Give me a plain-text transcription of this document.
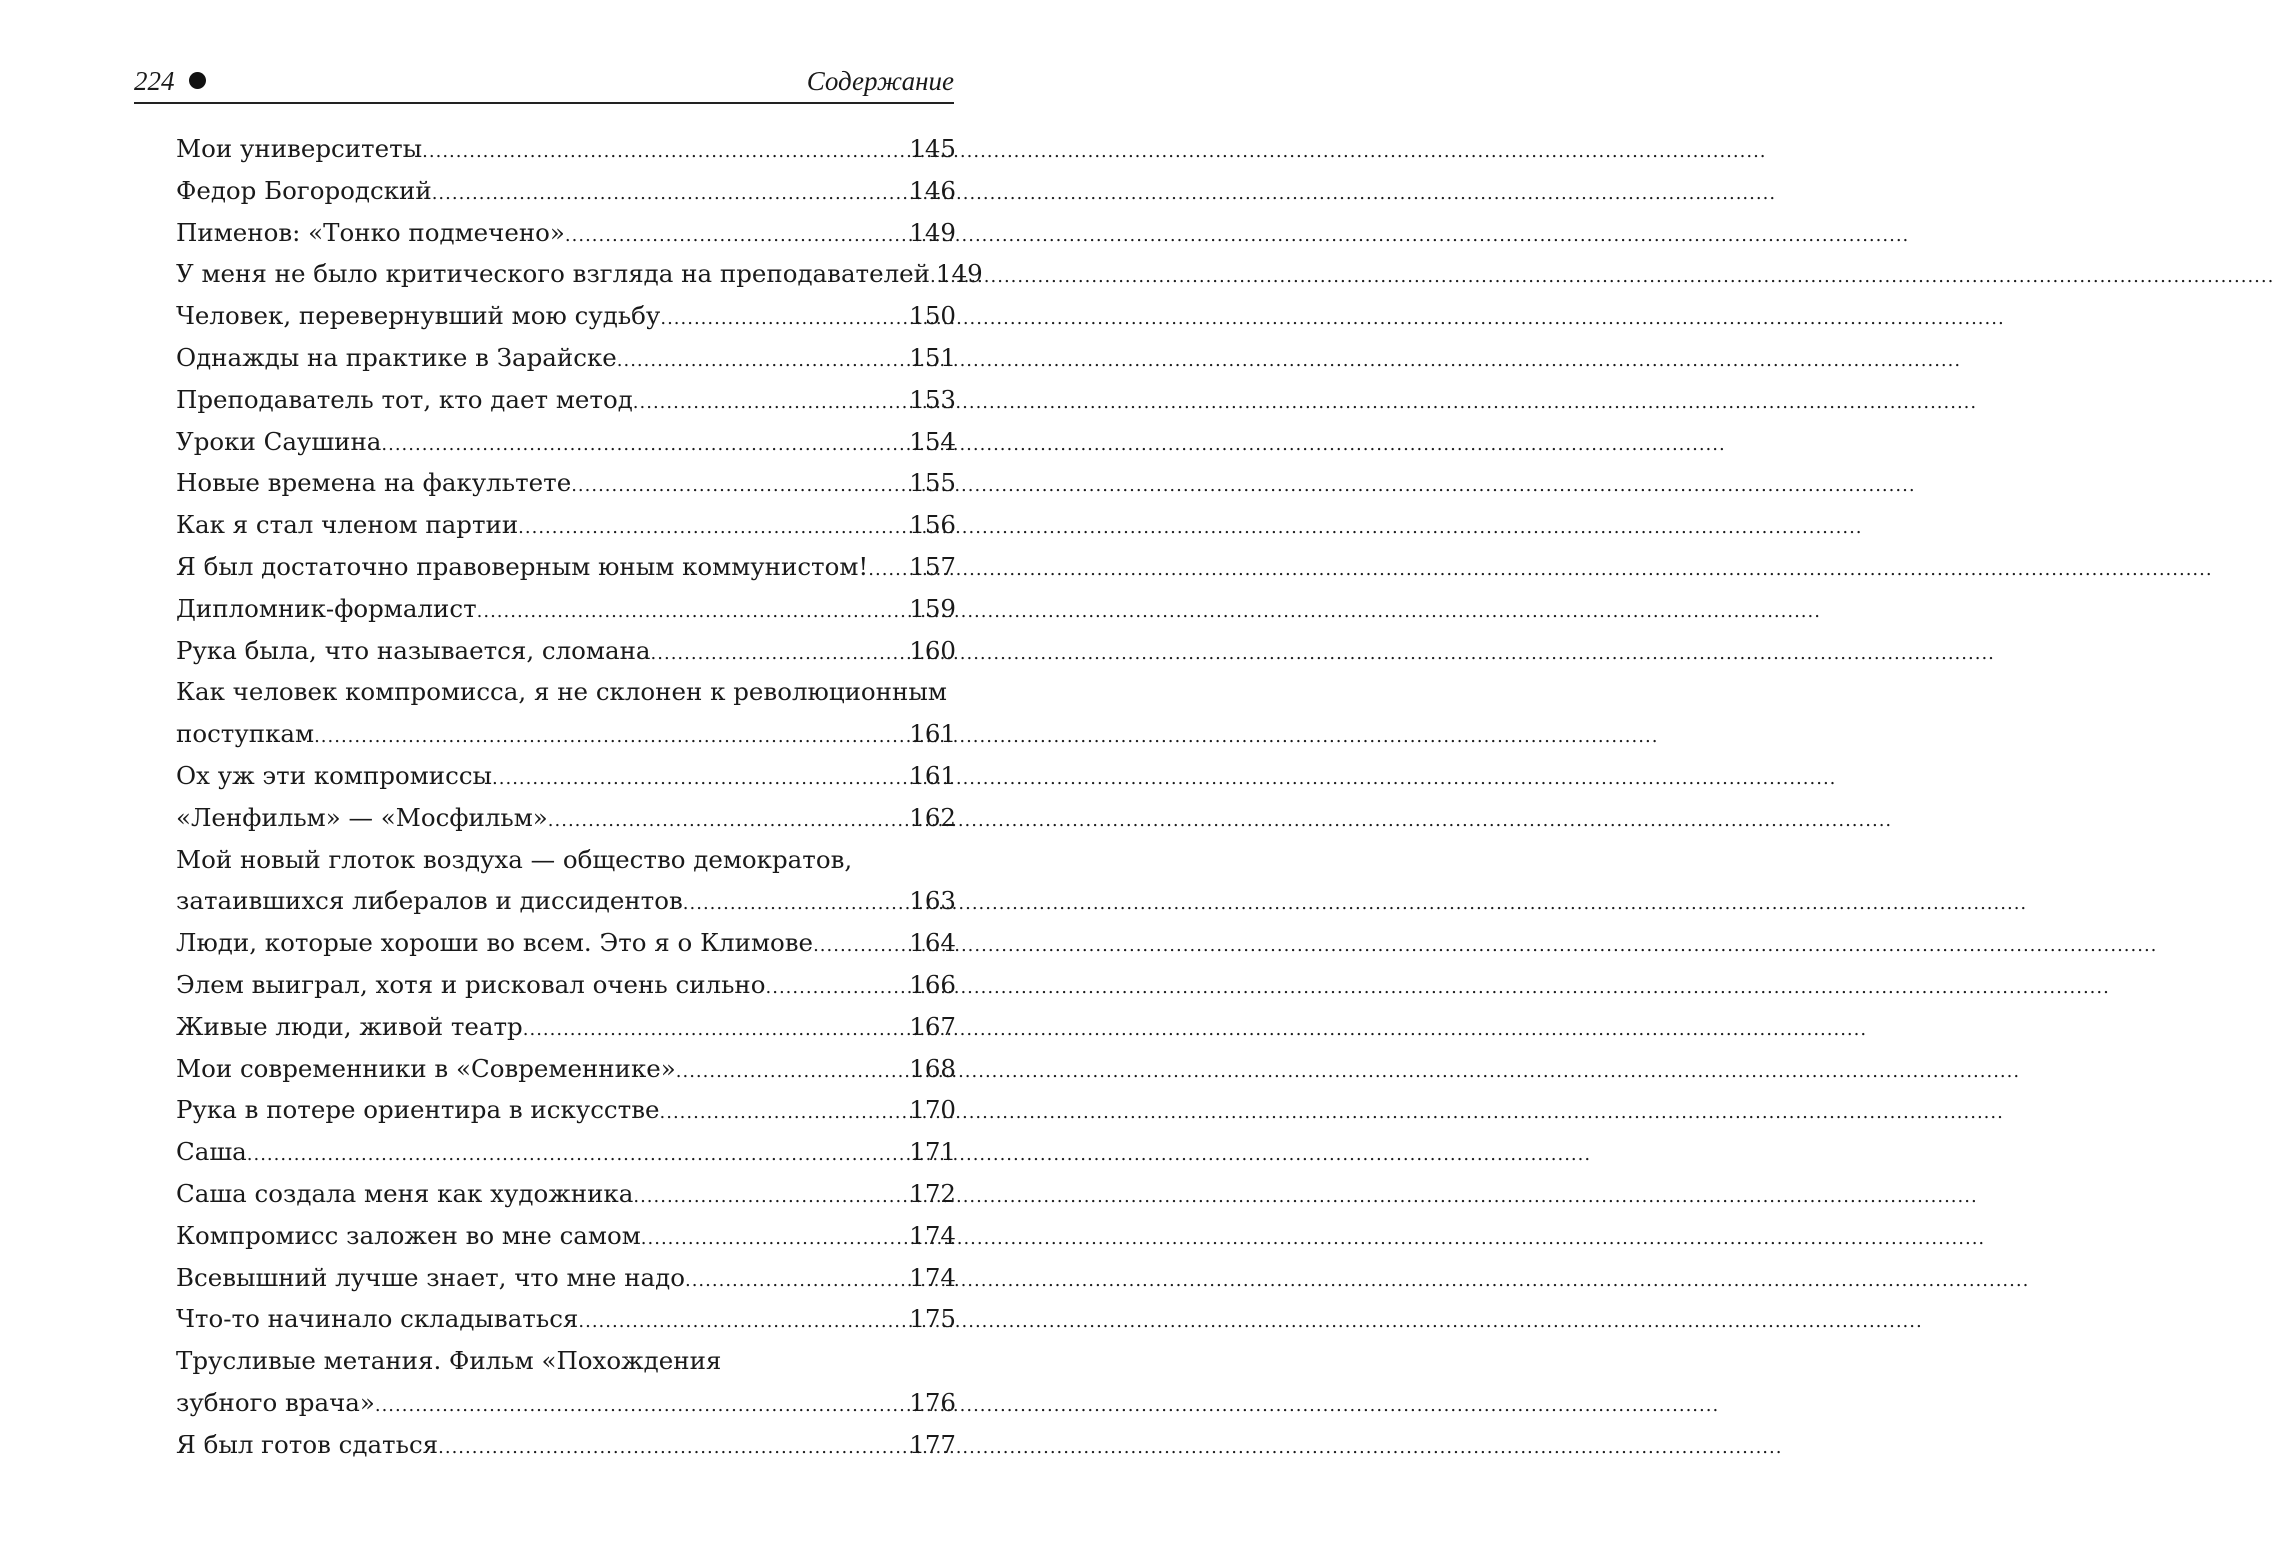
224	Содержание
Мои университеты .....	145
Федор Богородский .....	146
Пименов: «Тонко подмечено» .....	149
У меня не было критического взгляда на преподавателей ..... 149
Человек, перевернувший мою судьбу .....	150
Однажды на практике в Зарайске .....	151
Преподаватель тот, кто дает метод .....	153
Уроки Саушина .....	154
Новые времена на факультете .....	155
Как я стал членом партии .....	156
Я был достаточно правоверным юным коммунистом! ..... 157
Дипломник-формалист .....	159
Рука была, что называется, сломана .....	160
Как человек компромисса, я не склонен к революционным
поступкам .....	161
Ох уж эти компромиссы .....	161
«Ленфильм» — «Мосфильм» .....	162
Мой новый глоток воздуха — общество демократов,
затаившихся либералов и диссидентов .....	163
Люди, которые хороши во всем. Это я о Климове .....	164
Элем выиграл, хотя и рисковал очень сильно .....	166
Живые люди, живой театр .....	167
Мои современники в «Современнике» .....	168
Рука в потере ориентира в искусстве .....	170
Саша .....	171
Саша создала меня как художника .....	172
Компромисс заложен во мне самом .....	174
Всевышний лучше знает, что мне надо .....	174
Что-то начинало складываться .....	175
Трусливые метания. Фильм «Похождения
зубного врача» .....	176
Я был готов сдаться .....	177
